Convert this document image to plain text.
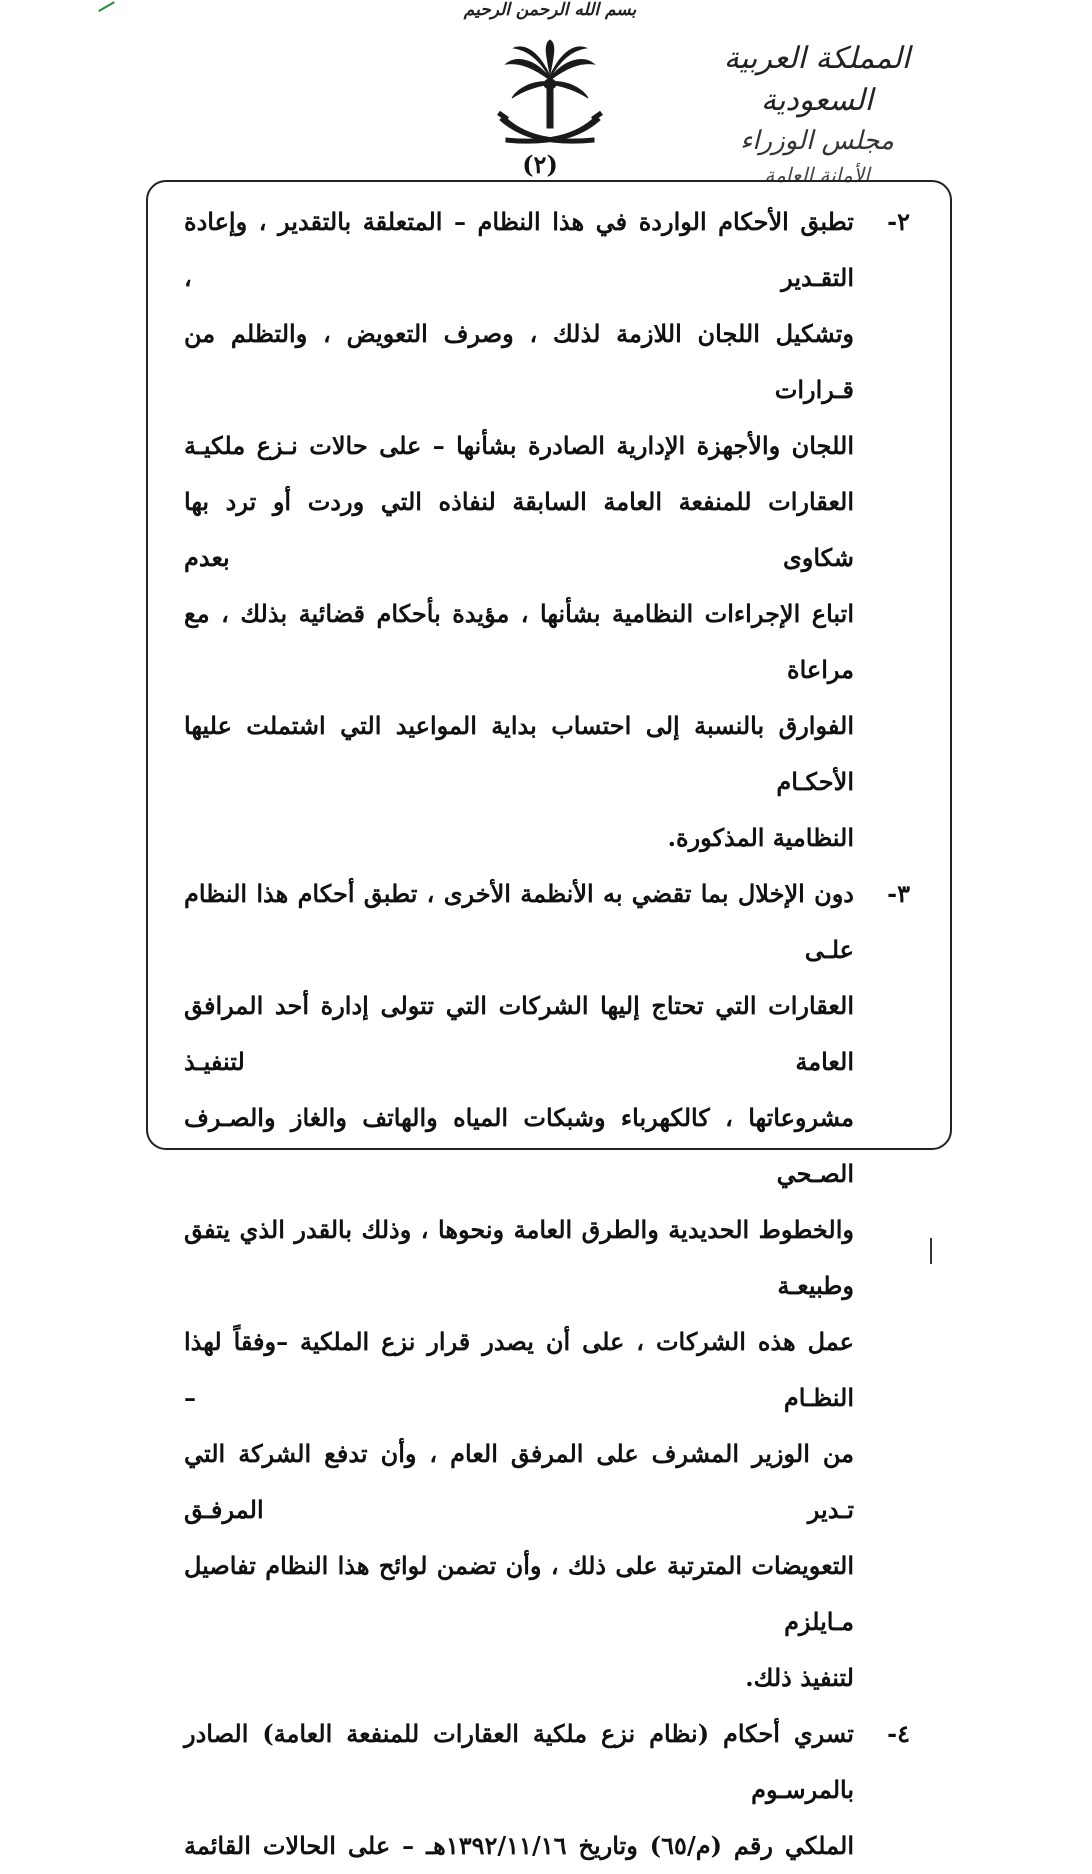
بسم الله الرحمن الرحيم
المملكة العربية السعودية
مجلس الوزراء
الأمانة العامة
(٢)
٢-
تطبق الأحكام الواردة في هذا النظام – المتعلقة بالتقدير ، وإعادة التقـدير ،
وتشكيل اللجان اللازمة لذلك ، وصرف التعويض ، والتظلم من قـرارات
اللجان والأجهزة الإدارية الصادرة بشأنها – على حالات نـزع ملكيـة
العقارات للمنفعة العامة السابقة لنفاذه التي وردت أو ترد بها شكاوى بعدم
اتباع الإجراءات النظامية بشأنها ، مؤيدة بأحكام قضائية بذلك ، مع مراعاة
الفوارق بالنسبة إلى احتساب بداية المواعيد التي اشتملت عليها الأحكـام
النظامية المذكورة.
٣-
دون الإخلال بما تقضي به الأنظمة الأخرى ، تطبق أحكام هذا النظام علـى
العقارات التي تحتاج إليها الشركات التي تتولى إدارة أحد المرافق العامة لتنفيـذ
مشروعاتها ، كالكهرباء وشبكات المياه والهاتف والغاز والصـرف الصـحي
والخطوط الحديدية والطرق العامة ونحوها ، وذلك بالقدر الذي يتفق وطبيعـة
عمل هذه الشركات ، على أن يصدر قرار نزع الملكية –وفقاً لهذا النظـام –
من الوزير المشرف على المرفق العام ، وأن تدفع الشركة التي تـدير المرفـق
التعويضات المترتبة على ذلك ، وأن تضمن لوائح هذا النظام تفاصيل مـايلزم
لتنفيذ ذلك.
٤-
تسري أحكام (نظام نزع ملكية العقارات للمنفعة العامة) الصادر بالمرسـوم
الملكي رقم (م/٦٥) وتاريخ ١٣٩٢/١١/١٦هـ – على الحالات القائمة
